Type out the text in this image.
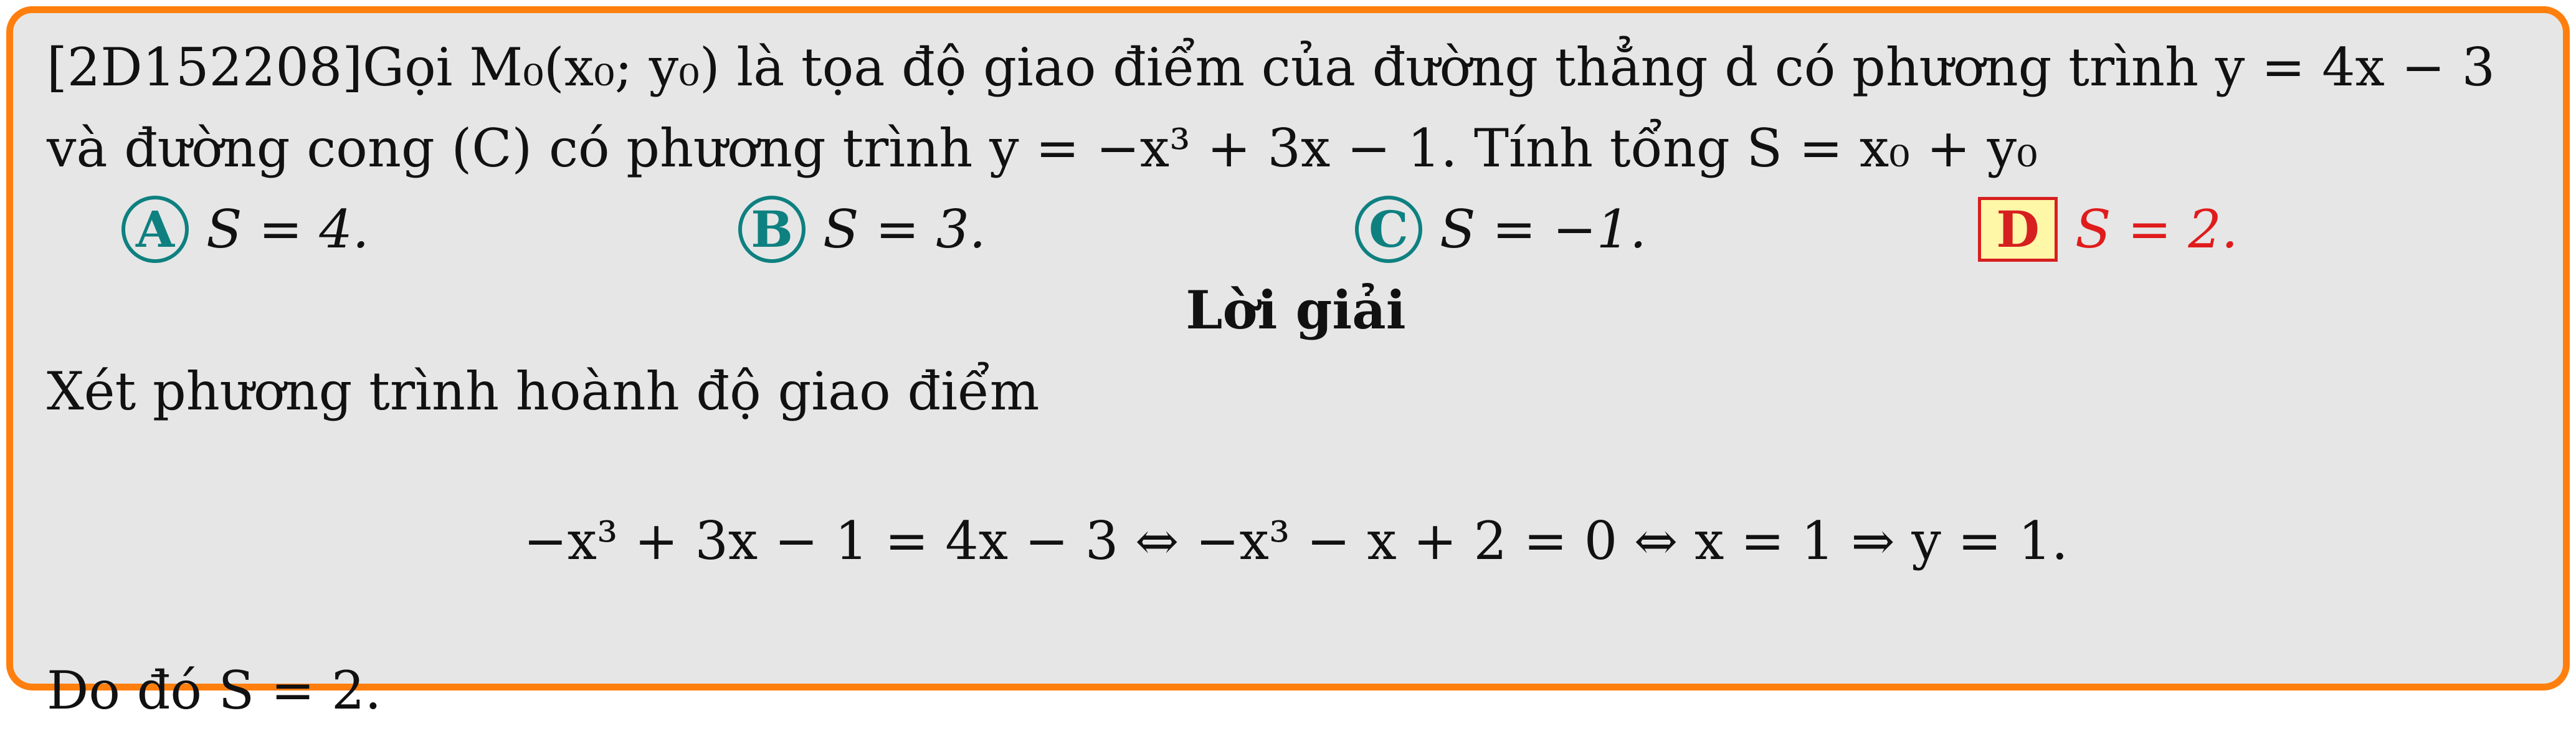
[2D152208]Gọi M₀(x₀; y₀) là tọa độ giao điểm của đường thẳng d có phương trình y = 4x − 3
và đường cong (C) có phương trình y = −x³ + 3x − 1. Tính tổng S = x₀ + y₀
A S = 4.	B S = 3.	C S = −1.	D S = 2.
Lời giải
Xét phương trình hoành độ giao điểm
−x³ + 3x − 1 = 4x − 3 ⇔ −x³ − x + 2 = 0 ⇔ x = 1 ⇒ y = 1.
Do đó S = 2.
